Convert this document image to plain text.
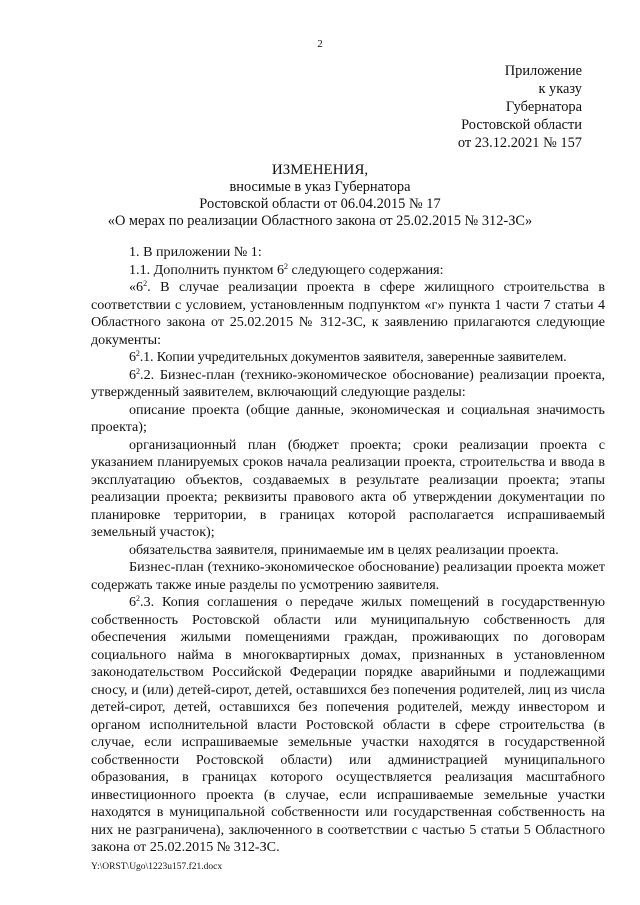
2
Приложение
к указу
Губернатора
Ростовской области
от 23.12.2021 № 157
ИЗМЕНЕНИЯ,
вносимые в указ Губернатора
Ростовской области от 06.04.2015 № 17
«О мерах по реализации Областного закона от 25.02.2015 № 312-ЗС»

1. В приложении № 1:

1.1. Дополнить пунктом $6^2$ следующего содержания:

«$6^2$. В случае реализации проекта в сфере жилищного строительства в соответствии с условием, установленным подпунктом «г» пункта 1 части 7 статьи 4 Областного закона от 25.02.2015 № 312-ЗС, к заявлению прилагаются следующие документы:

$6^2.1$. Копии учредительных документов заявителя, заверенные заявителем.

$6^2.2$. Бизнес-план (технико-экономическое обоснование) реализации проекта, утвержденный заявителем, включающий следующие разделы:

описание проекта (общие данные, экономическая и социальная значимость проекта);

организационный план (бюджет проекта; сроки реализации проекта с указанием планируемых сроков начала реализации проекта, строительства и ввода в эксплуатацию объектов, создаваемых в результате реализации проекта; этапы реализации проекта; реквизиты правового акта об утверждении документации по планировке территории, в границах которой располагается испрашиваемый земельный участок);

обязательства заявителя, принимаемые им в целях реализации проекта.

Бизнес-план (технико-экономическое обоснование) реализации проекта может содержать также иные разделы по усмотрению заявителя.

$6^2.3$. Копия соглашения о передаче жилых помещений в государственную собственность Ростовской области или муниципальную собственность для обеспечения жилыми помещениями граждан, проживающих по договорам социального найма в многоквартирных домах, признанных в установленном законодательством Российской Федерации порядке аварийными и подлежащими сносу, и (или) детей-сирот, детей, оставшихся без попечения родителей, лиц из числа детей-сирот, детей, оставшихся без попечения родителей, между инвестором и органом исполнительной власти Ростовской области в сфере строительства (в случае, если испрашиваемые земельные участки находятся в государственной собственности Ростовской области) или администрацией муниципального образования, в границах которого осуществляется реализация масштабного инвестиционного проекта (в случае, если испрашиваемые земельные участки находятся в муниципальной собственности или государственная собственность на них не разграничена), заключенного в соответствии с частью 5 статьи 5 Областного закона от 25.02.2015 № 312-ЗС.

Y:\ORST\Ugo\1223u157.f21.docx
